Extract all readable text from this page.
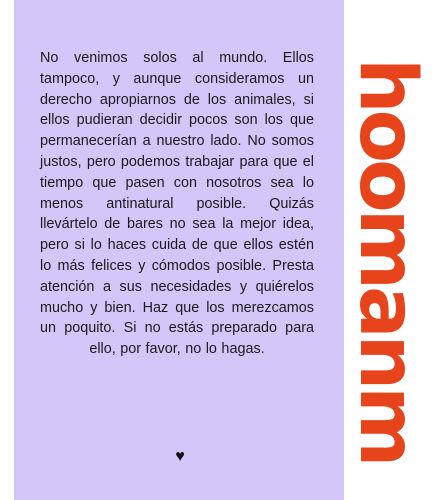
No venimos solos al mundo. Ellos tampoco, y aunque consideramos un derecho apropiarnos de los animales, si ellos pudieran decidir pocos son los que permanecerían a nuestro lado. No somos justos, pero podemos trabajar para que el tiempo que pasen con nosotros sea lo menos antinatural posible. Quizás llevártelo de bares no sea la mejor idea, pero si lo haces cuida de que ellos estén lo más felices y cómodos posible. Presta atención a sus necesidades y quiérelos mucho y bien. Haz que los merezcamos un poquito. Si no estás preparado para ello, por favor, no lo hagas.

♥ hoomanm
